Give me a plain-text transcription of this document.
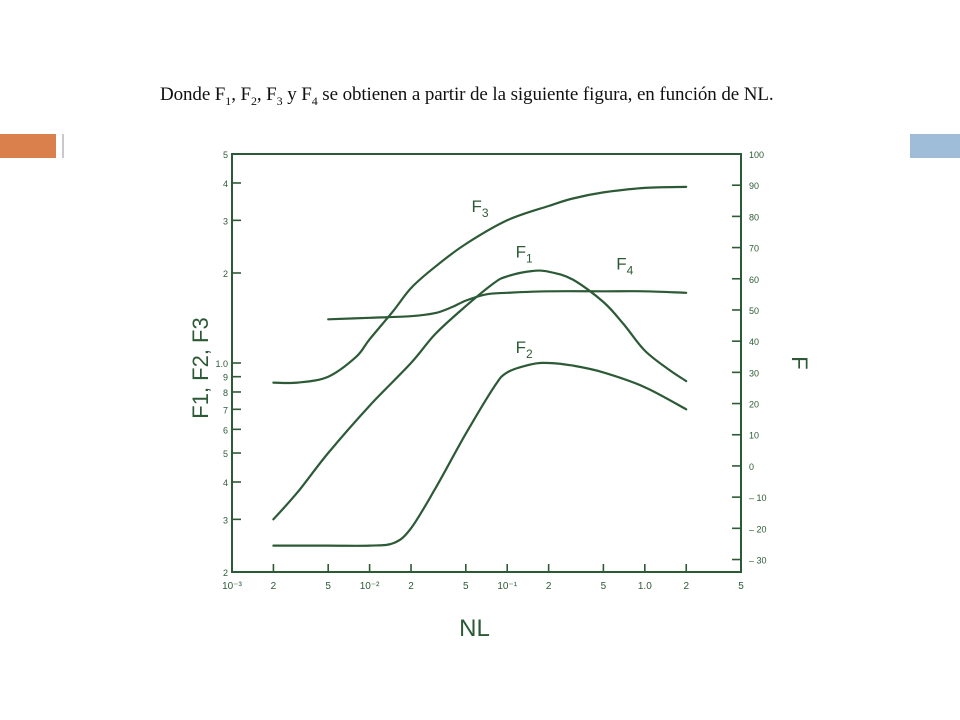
Donde $F_1$, $F_2$, $F_3$ y $F_4$ se obtienen a partir de la siguiente figura, en función de NL.
10⁻³	2	5	10⁻²	2	5	10⁻¹	2	5	1.0	2	5
5
4
3
2
1.0
9
8
7
6
5
4
3
2
100
90
80
70
60
50
40
30
20
10
0
– 10
– 20
– 30
NL
F1, F2, F3	F
$F_3$
$F_1$
$F_2$
$F_4$
